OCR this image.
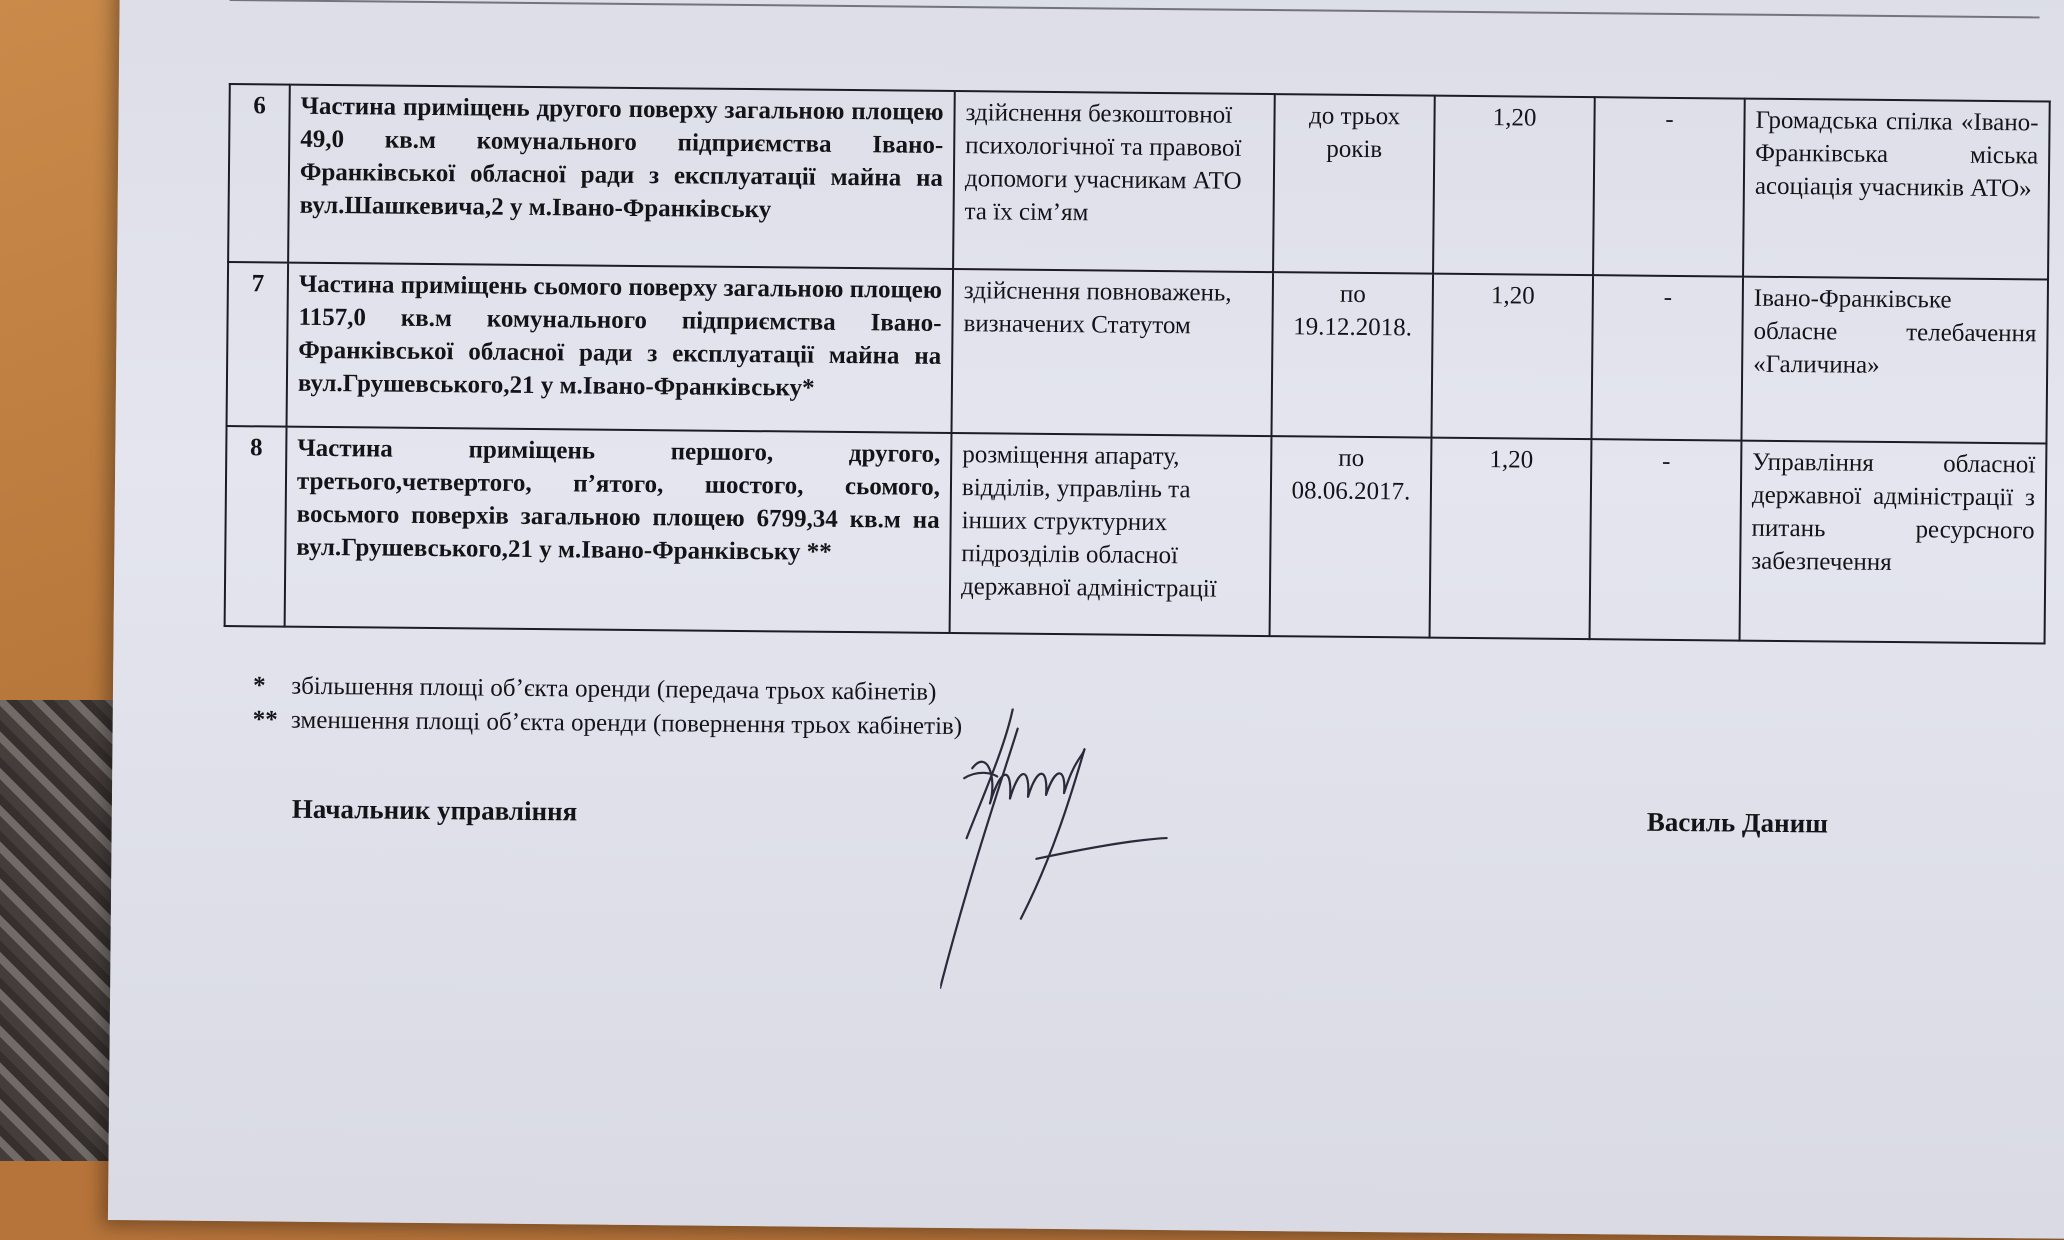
6	Частина приміщень другого поверху загальною площею 49,0 кв.м комунального підприємства Івано-Франківської обласної ради з експлуатації майна на вул.Шашкевича,2 у м.Івано-Франківську	здійснення безкоштовної психологічної та правової допомоги учасникам АТО та їх сім’ям	до трьох років	1,20	-	Громадська спілка «Івано-Франківська міська асоціація учасників АТО»
7	Частина приміщень сьомого поверху загальною площею 1157,0 кв.м комунального підприємства Івано-Франківської обласної ради з експлуатації майна на вул.Грушевського,21 у м.Івано-Франківську*	здійснення повноважень, визначених Статутом	по 19.12.2018.	1,20	-	Івано-Франківське обласне телебачення «Галичина»
8	Частина приміщень першого, другого, третього,четвертого, п’ятого, шостого, сьомого, восьмого поверхів загальною площею 6799,34 кв.м на вул.Грушевського,21 у м.Івано-Франківську **	розміщення апарату, відділів, управлінь та інших структурних підрозділів обласної державної адміністрації	по 08.06.2017.	1,20	-	Управління обласної державної адміністрації з питань ресурсного забезпечення
* збільшення площі об’єкта оренди (передача трьох кабінетів)
** зменшення площі об’єкта оренди (повернення трьох кабінетів)
Начальник управління	Василь Даниш
